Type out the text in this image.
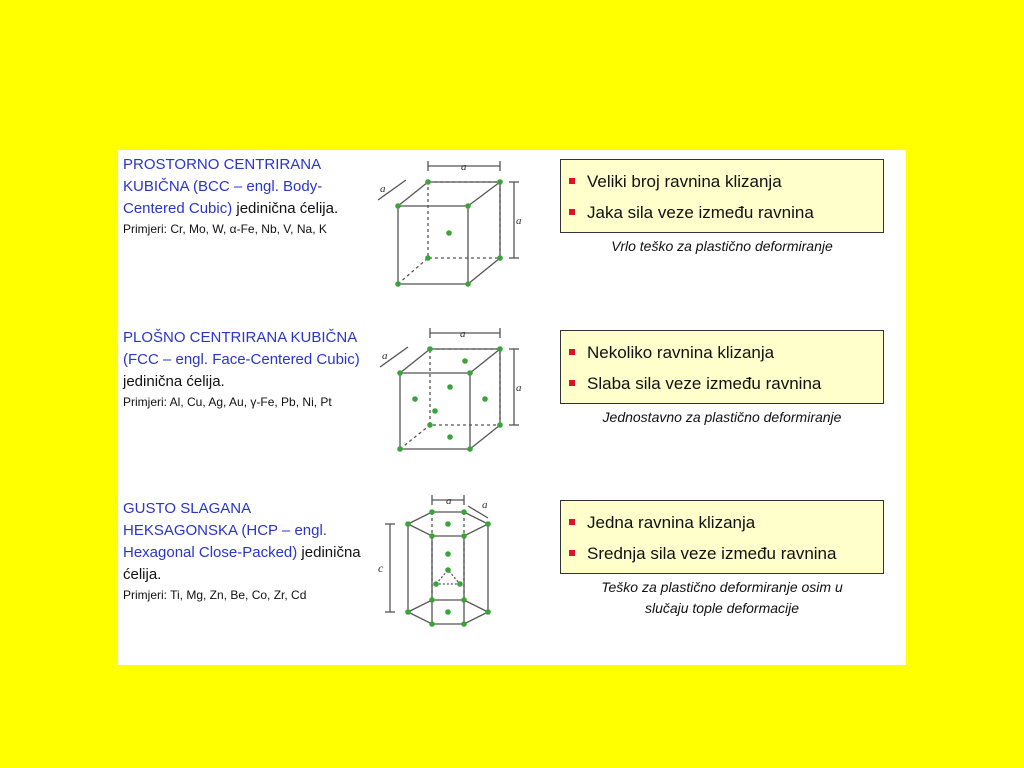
PROSTORNO CENTRIRANA KUBIČNA (BCC – engl. Body-Centered Cubic) jedinična ćelija.
Primjeri: Cr, Mo, W, α-Fe, Nb, V, Na, K
a
a
a	Veliki broj ravnina klizanja
Jaka sila veze između ravnina
Vrlo teško za plastično deformiranje
PLOŠNO CENTRIRANA KUBIČNA (FCC – engl. Face-Centered Cubic) jedinična ćelija.
Primjeri: Al, Cu, Ag, Au, γ-Fe, Pb, Ni, Pt
a
a
a	Nekoliko ravnina klizanja
Slaba sila veze između ravnina
Jednostavno za plastično deformiranje
GUSTO SLAGANA HEKSAGONSKA (HCP – engl. Hexagonal Close-Packed) jedinična ćelija.
Primjeri: Ti, Mg, Zn, Be, Co, Zr, Cd
a	a
c
Jedna ravnina klizanja
Srednja sila veze između ravnina
Teško za plastično deformiranje osim u slučaju tople deformacije
